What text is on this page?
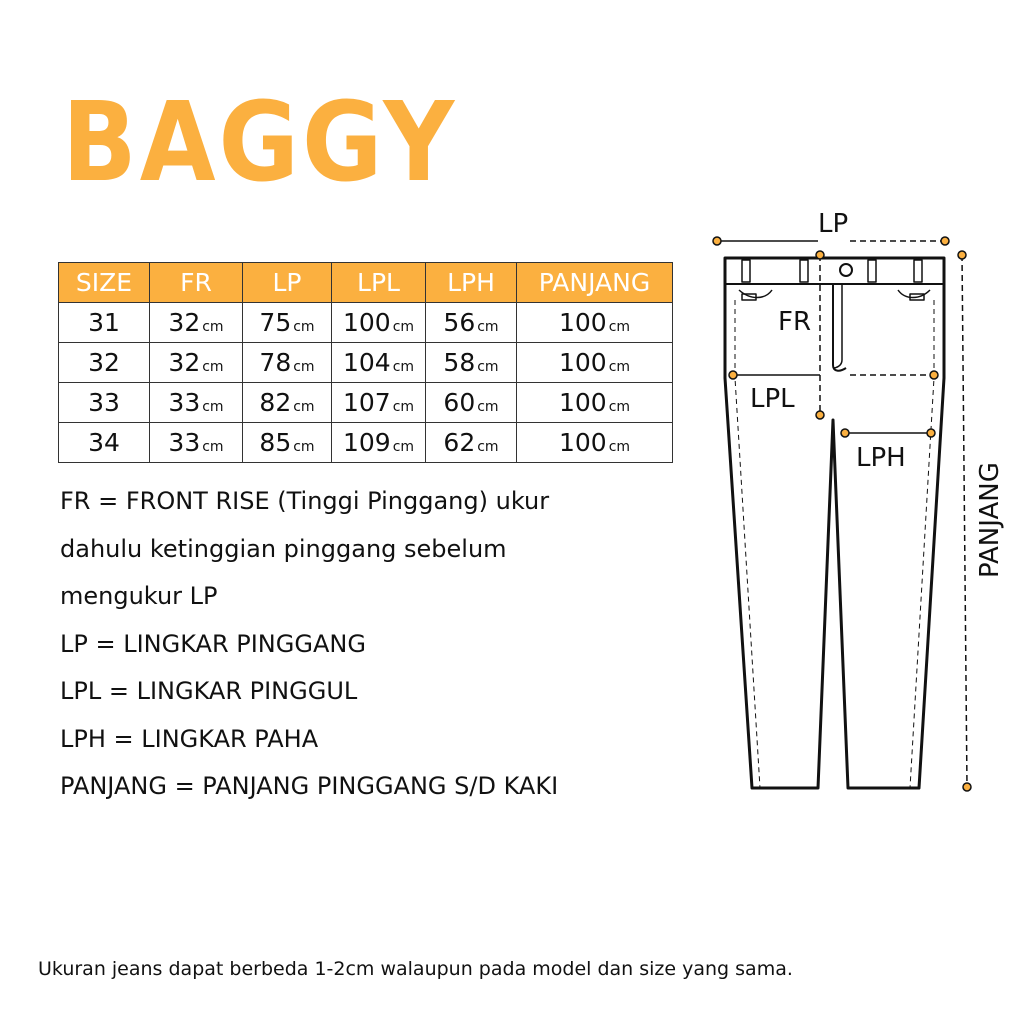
BAGGY
SIZE	FR	LP	LPL	LPH	PANJANG
31	32 cm	75 cm	100 cm	56 cm	100 cm
32	32 cm	78 cm	104 cm	58 cm	100 cm
33	33 cm	82 cm	107 cm	60 cm	100 cm
34	33 cm	85 cm	109 cm	62 cm	100 cm

FR = FRONT RISE (Tinggi Pinggang) ukur

dahulu ketinggian pinggang sebelum

mengukur LP

LP = LINGKAR PINGGANG

LPL = LINGKAR PINGGUL

LPH = LINGKAR PAHA

PANJANG = PANJANG PINGGANG S/D KAKI

LP
FR
LPL
LPH
PANJANG
Ukuran jeans dapat berbeda 1-2cm walaupun pada model dan size yang sama.
